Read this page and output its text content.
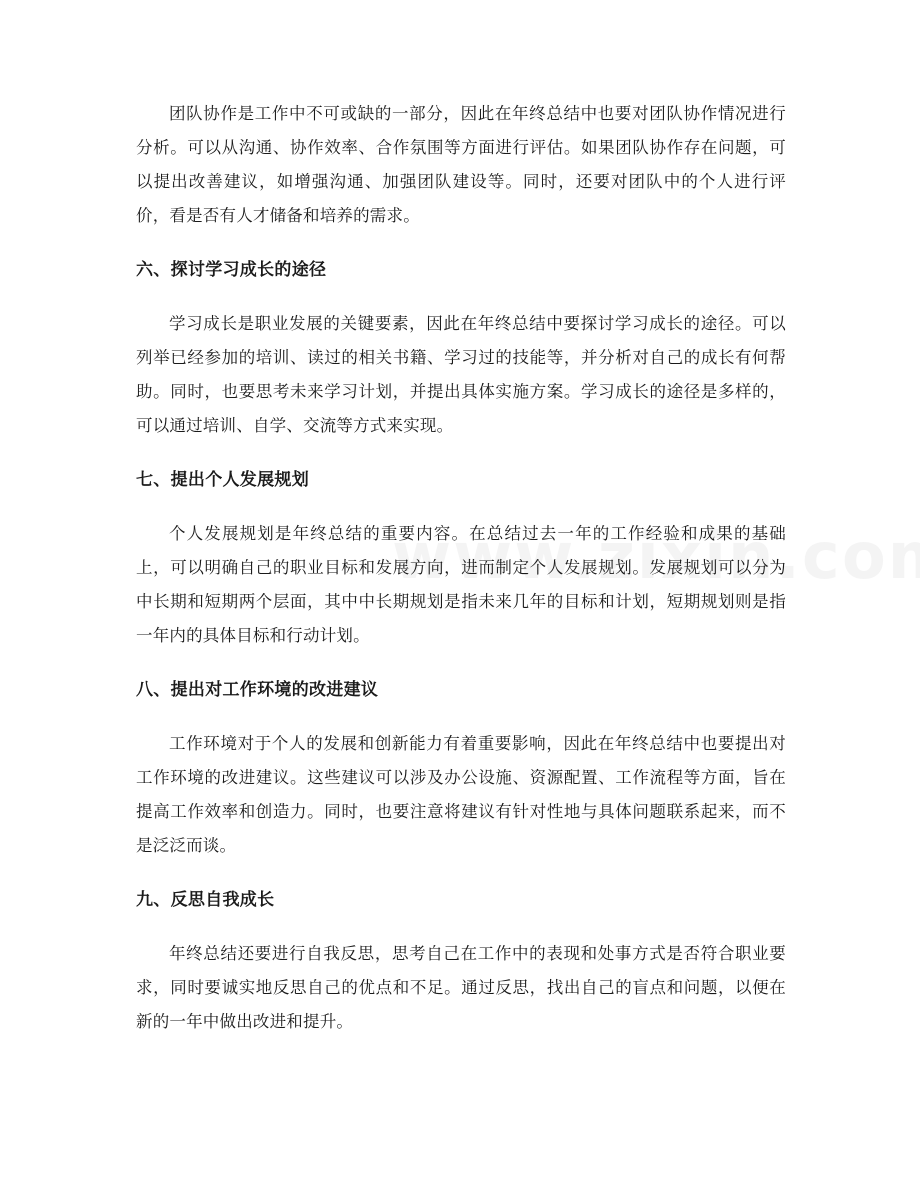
团队协作是工作中不可或缺的一部分，因此在年终总结中也要对团队协作情况进行分析。可以从沟通、协作效率、合作氛围等方面进行评估。如果团队协作存在问题，可以提出改善建议，如增强沟通、加强团队建设等。同时，还要对团队中的个人进行评价，看是否有人才储备和培养的需求。

六、探讨学习成长的途径

学习成长是职业发展的关键要素，因此在年终总结中要探讨学习成长的途径。可以列举已经参加的培训、读过的相关书籍、学习过的技能等，并分析对自己的成长有何帮助。同时，也要思考未来学习计划，并提出具体实施方案。学习成长的途径是多样的，可以通过培训、自学、交流等方式来实现。

七、提出个人发展规划

个人发展规划是年终总结的重要内容。在总结过去一年的工作经验和成果的基础上，可以明确自己的职业目标和发展方向，进而制定个人发展规划。发展规划可以分为中长期和短期两个层面，其中中长期规划是指未来几年的目标和计划，短期规划则是指一年内的具体目标和行动计划。

八、提出对工作环境的改进建议

工作环境对于个人的发展和创新能力有着重要影响，因此在年终总结中也要提出对工作环境的改进建议。这些建议可以涉及办公设施、资源配置、工作流程等方面，旨在提高工作效率和创造力。同时，也要注意将建议有针对性地与具体问题联系起来，而不是泛泛而谈。

九、反思自我成长

年终总结还要进行自我反思，思考自己在工作中的表现和处事方式是否符合职业要求，同时要诚实地反思自己的优点和不足。通过反思，找出自己的盲点和问题，以便在新的一年中做出改进和提升。
